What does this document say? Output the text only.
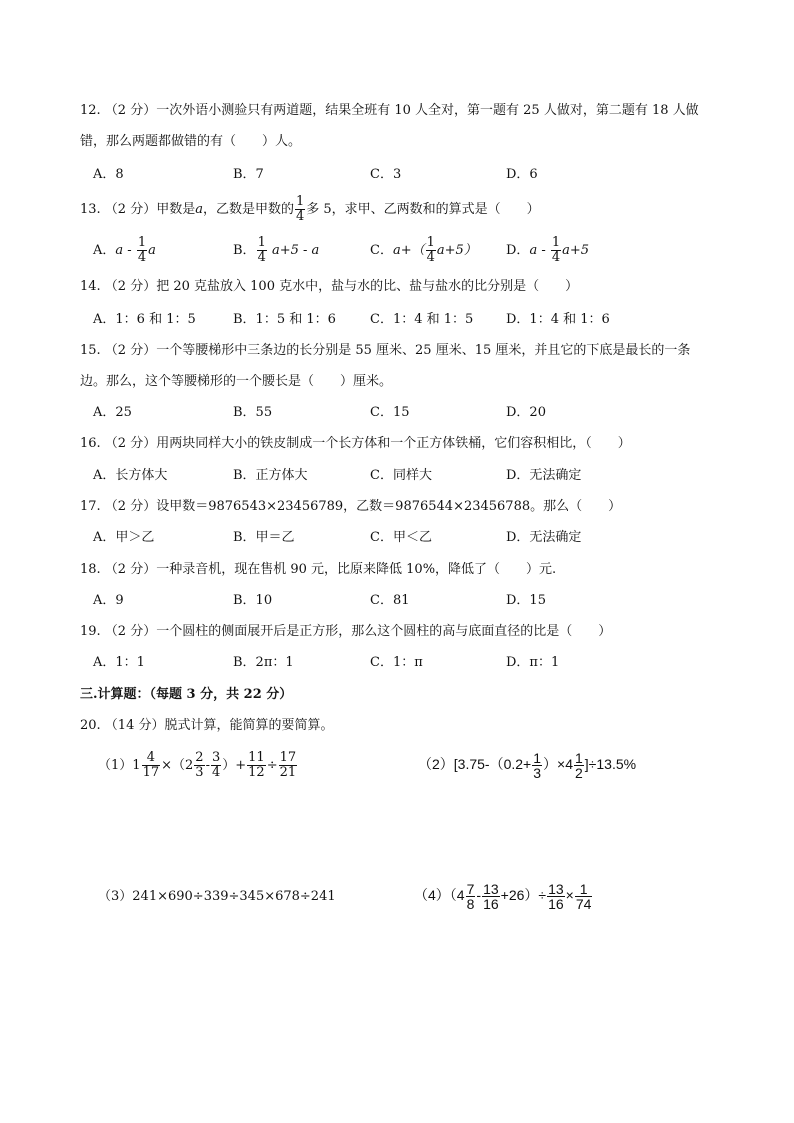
12. （2 分）一次外语小测验只有两道题，结果全班有 10 人全对，第一题有 25 人做对，第二题有 18 人做
错，那么两题都做错的有（　　）人。
A．8	B．7	C．3	D．6
13. （2 分）甲数是a，乙数是甲数的 $\frac{1}{4}$ 多 5，求甲、乙两数和的算式是（　　）
A．a - $\frac{1}{4}$ a	B． $\frac{1}{4} a+5 - a$	C．$a+( \frac{1}{4} a+5)$ D．$a - \frac{1}{4} a+5$
14. （2 分）把 20 克盐放入 100 克水中，盐与水的比、盐与盐水的比分别是（　　）
A．1：6 和 1：5	B．1：5 和 1：6	C．1：4 和 1：5	D．1：4 和 1：6
15. （2 分）一个等腰梯形中三条边的长分别是 55 厘米、25 厘米、15 厘米，并且它的下底是最长的一条
边。那么，这个等腰梯形的一个腰长是（　　）厘米。
A．25	B．55	C．15	D．20
16. （2 分）用两块同样大小的铁皮制成一个长方体和一个正方体铁桶，它们容积相比，（　　）
A．长方体大	B．正方体大	C．同样大	D．无法确定
17. （2 分）设甲数＝9876543×23456789，乙数＝9876544×23456788。那么（　　）
A．甲＞乙	B．甲＝乙	C．甲＜乙	D．无法确定
18. （2 分）一种录音机，现在售机 90 元，比原来降低 10%，降低了（　　）元.
A．9	B．10	C．81	D．15
19. （2 分）一个圆柱的侧面展开后是正方形，那么这个圆柱的高与底面直径的比是（　　）
A．1：1	B．2π：1	C．1：π	D．π：1
三.计算题：（每题 3 分，共 22 分）
20. （14 分）脱式计算，能简算的要简算。
$(1)1 \frac{4}{17} \times(2 \frac{2}{3} - \frac{3}{4}$ ）+ $\frac{11}{12} \div \frac{17}{21}$	$(2)[3.75-(0.2+ \frac{1}{3} )\times 4 \frac{1}{2} ]\div 13.5\%$
（3）241×690÷339÷345×678÷241	$(4)(4 \frac{7}{8} - \frac{13}{16} +26)\div \frac{13}{16} \times \frac{1}{74}$
